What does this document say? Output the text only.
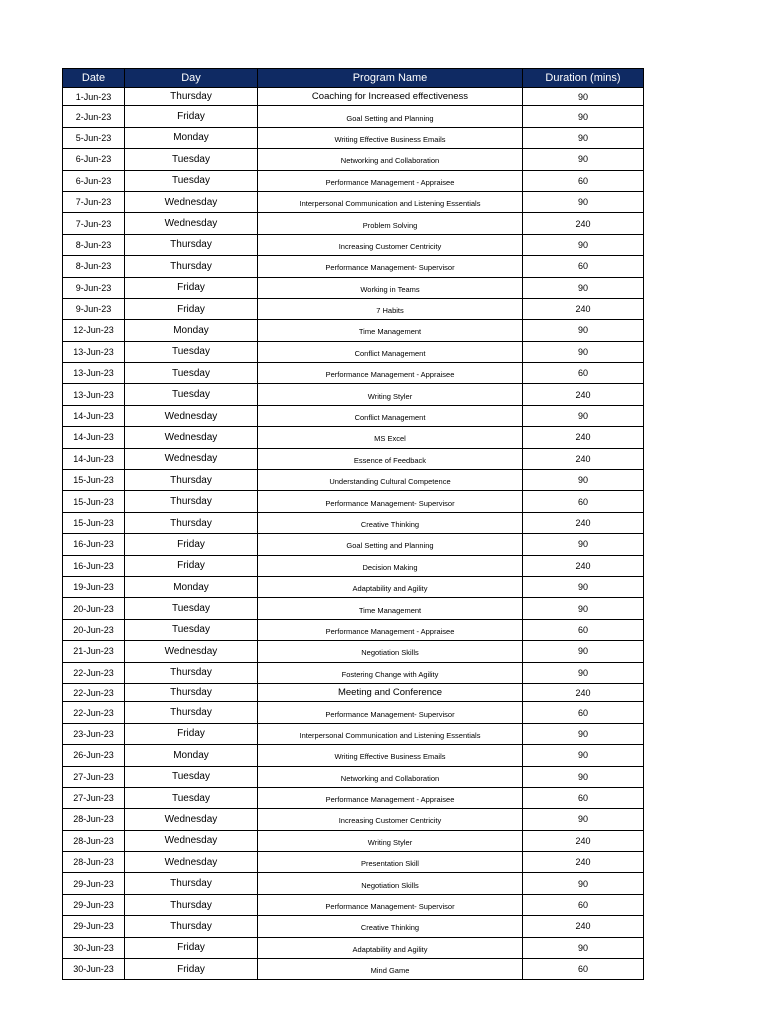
Date	Day	Program Name	Duration (mins)
1-Jun-23	Thursday	Coaching for Increased effectiveness	90
2-Jun-23	Friday	Goal Setting and Planning	90
5-Jun-23	Monday	Writing Effective Business Emails	90
6-Jun-23	Tuesday	Networking and Collaboration	90
6-Jun-23	Tuesday	Performance Management - Appraisee	60
7-Jun-23	Wednesday	Interpersonal Communication and Listening Essentials	90
7-Jun-23	Wednesday	Problem Solving	240
8-Jun-23	Thursday	Increasing Customer Centricity	90
8-Jun-23	Thursday	Performance Management- Supervisor	60
9-Jun-23	Friday	Working in Teams	90
9-Jun-23	Friday	7 Habits	240
12-Jun-23	Monday	Time Management	90
13-Jun-23	Tuesday	Conflict Management	90
13-Jun-23	Tuesday	Performance Management - Appraisee	60
13-Jun-23	Tuesday	Writing Styler	240
14-Jun-23	Wednesday	Conflict Management	90
14-Jun-23	Wednesday	MS Excel	240
14-Jun-23	Wednesday	Essence of Feedback	240
15-Jun-23	Thursday	Understanding Cultural Competence	90
15-Jun-23	Thursday	Performance Management- Supervisor	60
15-Jun-23	Thursday	Creative Thinking	240
16-Jun-23	Friday	Goal Setting and Planning	90
16-Jun-23	Friday	Decision Making	240
19-Jun-23	Monday	Adaptability and Agility	90
20-Jun-23	Tuesday	Time Management	90
20-Jun-23	Tuesday	Performance Management - Appraisee	60
21-Jun-23	Wednesday	Negotiation Skills	90
22-Jun-23	Thursday	Fostering Change with Agility	90
22-Jun-23	Thursday	Meeting and Conference	240
22-Jun-23	Thursday	Performance Management- Supervisor	60
23-Jun-23	Friday	Interpersonal Communication and Listening Essentials	90
26-Jun-23	Monday	Writing Effective Business Emails	90
27-Jun-23	Tuesday	Networking and Collaboration	90
27-Jun-23	Tuesday	Performance Management - Appraisee	60
28-Jun-23	Wednesday	Increasing Customer Centricity	90
28-Jun-23	Wednesday	Writing Styler	240
28-Jun-23	Wednesday	Presentation Skill	240
29-Jun-23	Thursday	Negotiation Skills	90
29-Jun-23	Thursday	Performance Management- Supervisor	60
29-Jun-23	Thursday	Creative Thinking	240
30-Jun-23	Friday	Adaptability and Agility	90
30-Jun-23	Friday	Mind Game	60
